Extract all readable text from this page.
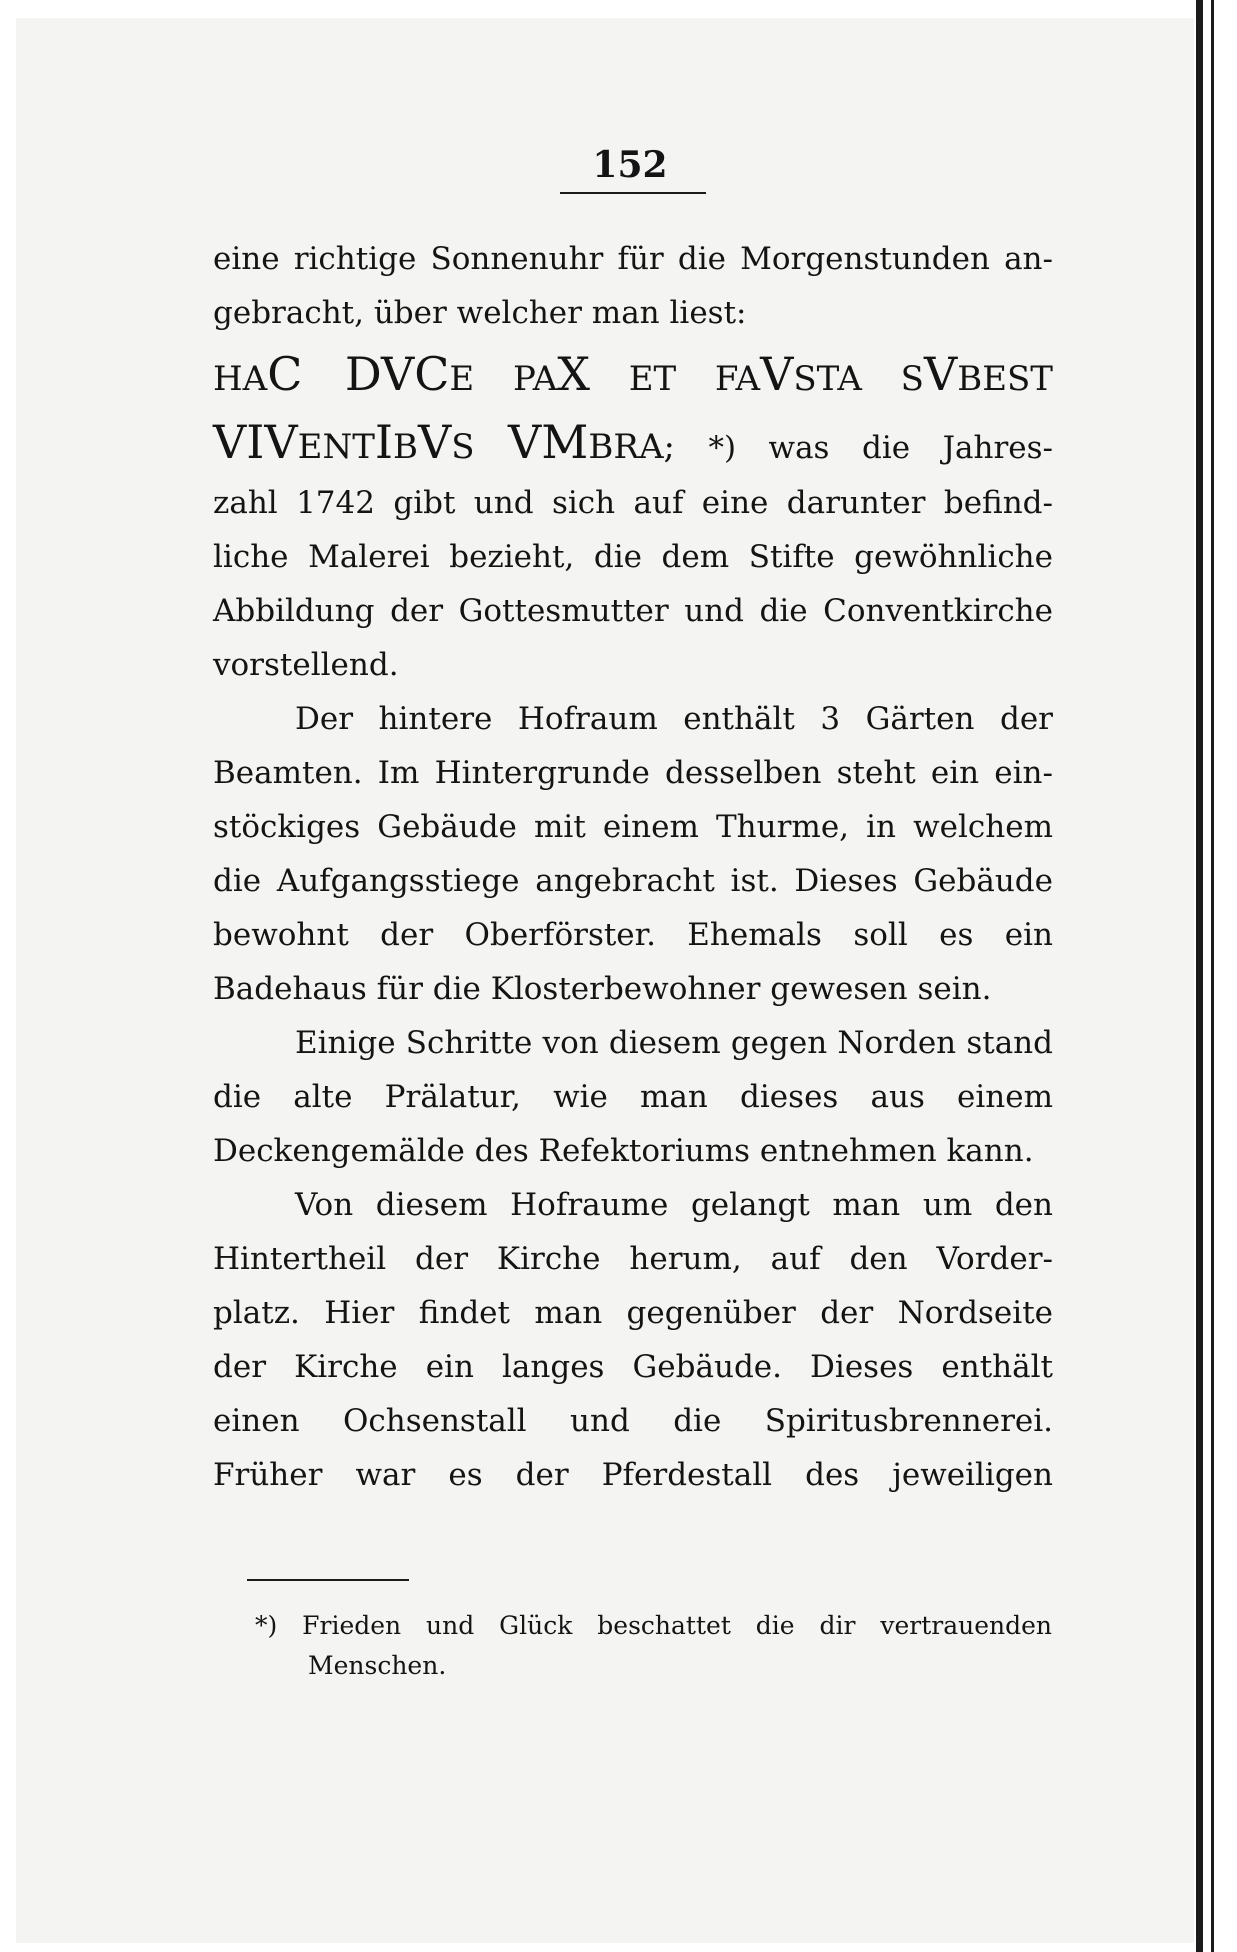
152
eine richtige Sonnenuhr für die Morgenstunden an-
gebracht, über welcher man liest:
HAC DVCE PAX ET FAVSTA SVBEST
VIVENTIBVS VMBRA; *) was die Jahres-
zahl 1742 gibt und sich auf eine darunter befind-
liche Malerei bezieht, die dem Stifte gewöhnliche
Abbildung der Gottesmutter und die Conventkirche
vorstellend.
Der hintere Hofraum enthält 3 Gärten der
Beamten. Im Hintergrunde desselben steht ein ein-
stöckiges Gebäude mit einem Thurme, in welchem
die Aufgangsstiege angebracht ist. Dieses Gebäude
bewohnt der Oberförster. Ehemals soll es ein
Badehaus für die Klosterbewohner gewesen sein.
Einige Schritte von diesem gegen Norden stand
die alte Prälatur, wie man dieses aus einem
Deckengemälde des Refektoriums entnehmen kann.
Von diesem Hofraume gelangt man um den
Hintertheil der Kirche herum, auf den Vorder-
platz. Hier findet man gegenüber der Nordseite
der Kirche ein langes Gebäude. Dieses enthält
einen Ochsenstall und die Spiritusbrennerei.
Früher war es der Pferdestall des jeweiligen
*) Frieden und Glück beschattet die dir vertrauenden
Menschen.
